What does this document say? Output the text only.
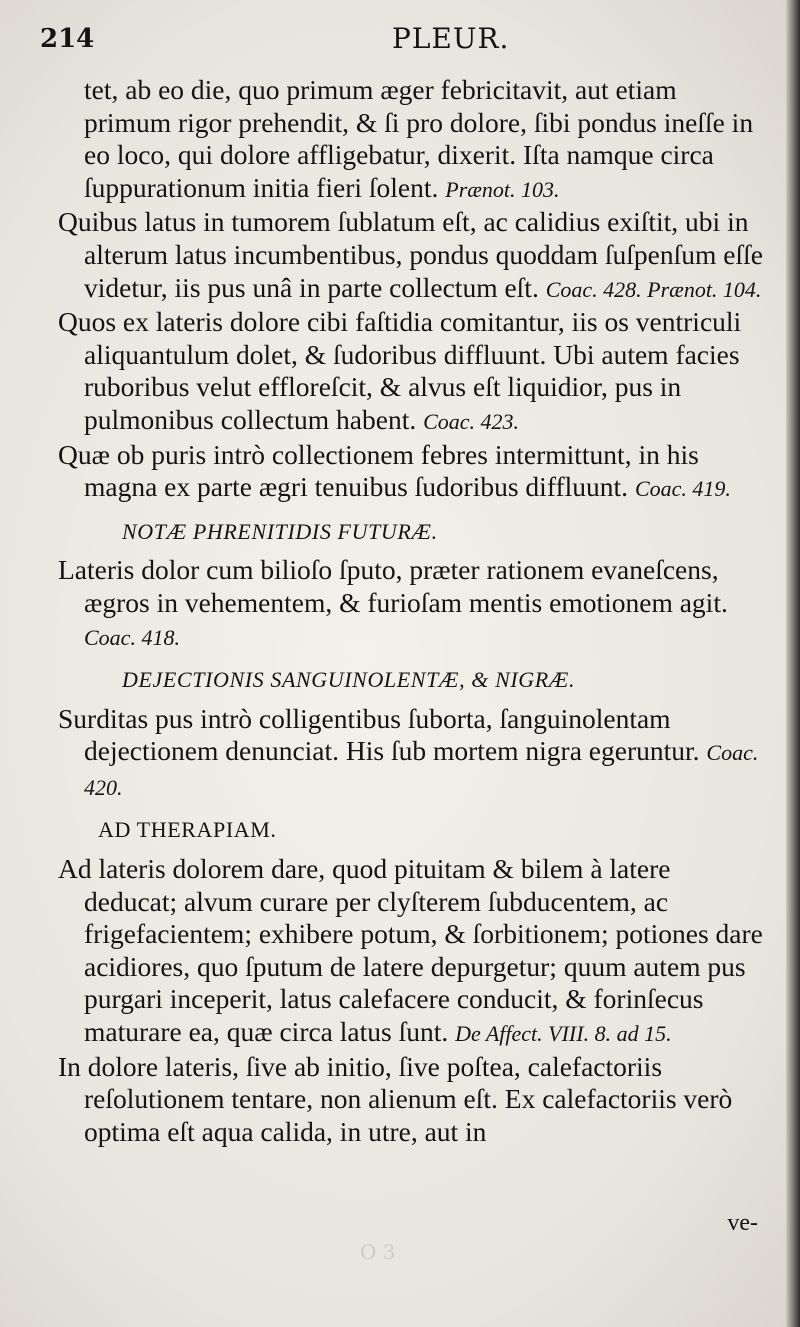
214	PLEUR.

tet, ab eo die, quo primum æger febricitavit, aut etiam primum rigor prehendit, & ſi pro dolore, ſibi pondus ineſſe in eo loco, qui dolore affligebatur, dixerit. Iſta namque circa ſuppurationum initia fieri ſolent. Prænot. 103.

Quibus latus in tumorem ſublatum eſt, ac calidius exiſtit, ubi in alterum latus incumbentibus, pondus quoddam ſuſpenſum eſſe videtur, iis pus unâ in parte collectum eſt. Coac. 428. Prænot. 104.

Quos ex lateris dolore cibi faſtidia comitantur, iis os ventriculi aliquantulum dolet, & ſudoribus diffluunt. Ubi autem facies ruboribus velut effloreſcit, & alvus eſt liquidior, pus in pulmonibus collectum habent. Coac. 423.

Quæ ob puris intrò collectionem febres intermittunt, in his magna ex parte ægri tenuibus ſudoribus diffluunt. Coac. 419.

NOTÆ PHRENITIDIS FUTURÆ.

Lateris dolor cum bilioſo ſputo, præter rationem evaneſcens, ægros in vehementem, & furioſam mentis emotionem agit. Coac. 418.

DEJECTIONIS SANGUINOLENTÆ, & NIGRÆ.

Surditas pus intrò colligentibus ſuborta, ſanguinolentam dejectionem denunciat. His ſub mortem nigra egeruntur. Coac. 420.

AD THERAPIAM.

Ad lateris dolorem dare, quod pituitam & bilem à latere deducat; alvum curare per clyſterem ſubducentem, ac frigefacientem; exhibere potum, & ſorbitionem; potiones dare acidiores, quo ſputum de latere depurgetur; quum autem pus purgari inceperit, latus calefacere conducit, & forinſecus maturare ea, quæ circa latus ſunt. De Affect. VIII. 8. ad 15.

In dolore lateris, ſive ab initio, ſive poſtea, calefactoriis reſolutionem tentare, non alienum eſt. Ex calefactoriis verò optima eſt aqua calida, in utre, aut in

ve-
O 3
